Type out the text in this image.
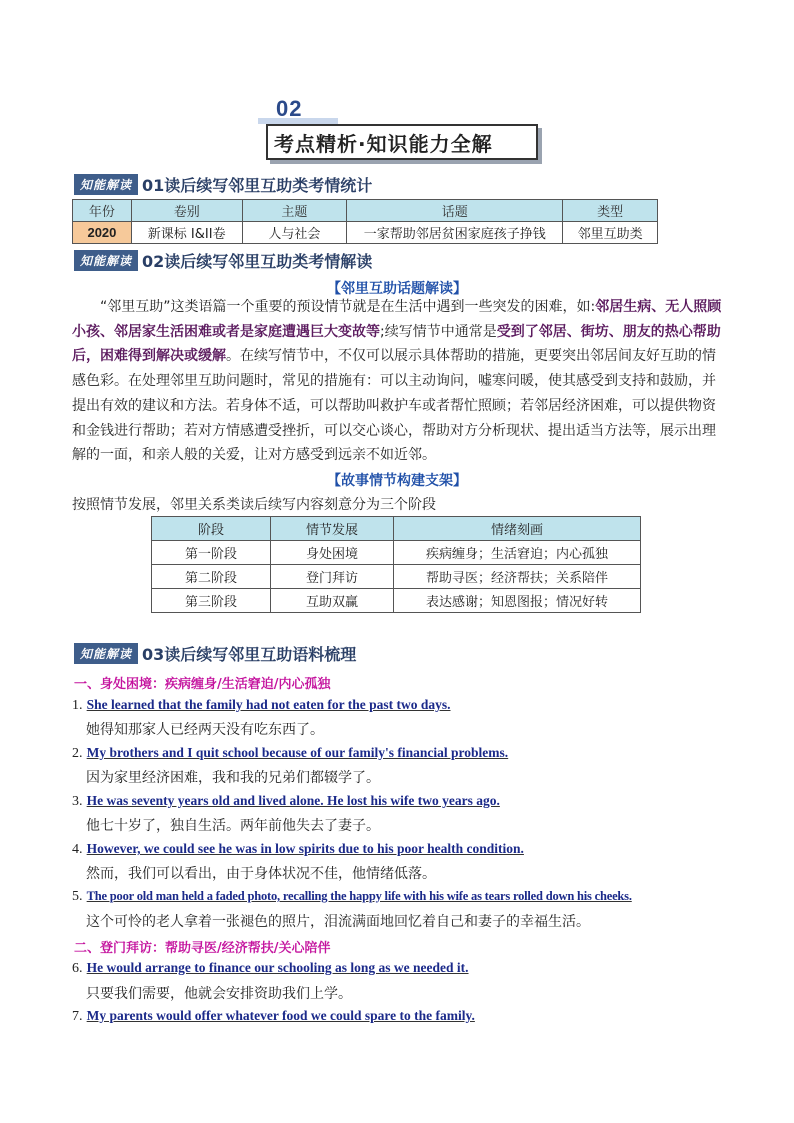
02
考点精析·知识能力全解
知能解读 01读后续写邻里互助类考情统计
年份	卷别	主题	话题	类型
2020	新课标 I&II卷	人与社会	一家帮助邻居贫困家庭孩子挣钱	邻里互助类
知能解读 02读后续写邻里互助类考情解读
【邻里互助话题解读】
“邻里互助”这类语篇一个重要的预设情节就是在生活中遇到一些突发的困难，如:邻居生病、无人照顾小孩、邻居家生活困难或者是家庭遭遇巨大变故等;续写情节中通常是受到了邻居、街坊、朋友的热心帮助后，困难得到解决或缓解。在续写情节中，不仅可以展示具体帮助的措施，更要突出邻居间友好互助的情感色彩。在处理邻里互助问题时，常见的措施有：可以主动询问，嘘寒问暖，使其感受到支持和鼓励，并提出有效的建议和方法。若身体不适，可以帮助叫救护车或者帮忙照顾；若邻居经济困难，可以提供物资和金钱进行帮助；若对方情感遭受挫折，可以交心谈心，帮助对方分析现状、提出适当方法等，展示出理解的一面，和亲人般的关爱，让对方感受到远亲不如近邻。
【故事情节构建支架】
按照情节发展，邻里关系类读后续写内容刻意分为三个阶段
阶段	情节发展	情绪刻画
第一阶段	身处困境	疾病缠身；生活窘迫；内心孤独
第二阶段	登门拜访	帮助寻医；经济帮扶；关系陪伴
第三阶段	互助双赢	表达感谢；知恩图报；情况好转
知能解读 03读后续写邻里互助语料梳理
一、身处困境：疾病缠身/生活窘迫/内心孤独
1. She learned that the family had not eaten for the past two days.
她得知那家人已经两天没有吃东西了。
2. My brothers and I quit school because of our family's financial problems.
因为家里经济困难，我和我的兄弟们都辍学了。
3. He was seventy years old and lived alone. He lost his wife two years ago.
他七十岁了，独自生活。两年前他失去了妻子。
4. However, we could see he was in low spirits due to his poor health condition.
然而，我们可以看出，由于身体状况不佳，他情绪低落。
5. The poor old man held a faded photo, recalling the happy life with his wife as tears rolled down his cheeks.
这个可怜的老人拿着一张褪色的照片，泪流满面地回忆着自己和妻子的幸福生活。
二、登门拜访：帮助寻医/经济帮扶/关心陪伴
6. He would arrange to finance our schooling as long as we needed it.
只要我们需要，他就会安排资助我们上学。
7. My parents would offer whatever food we could spare to the family.
